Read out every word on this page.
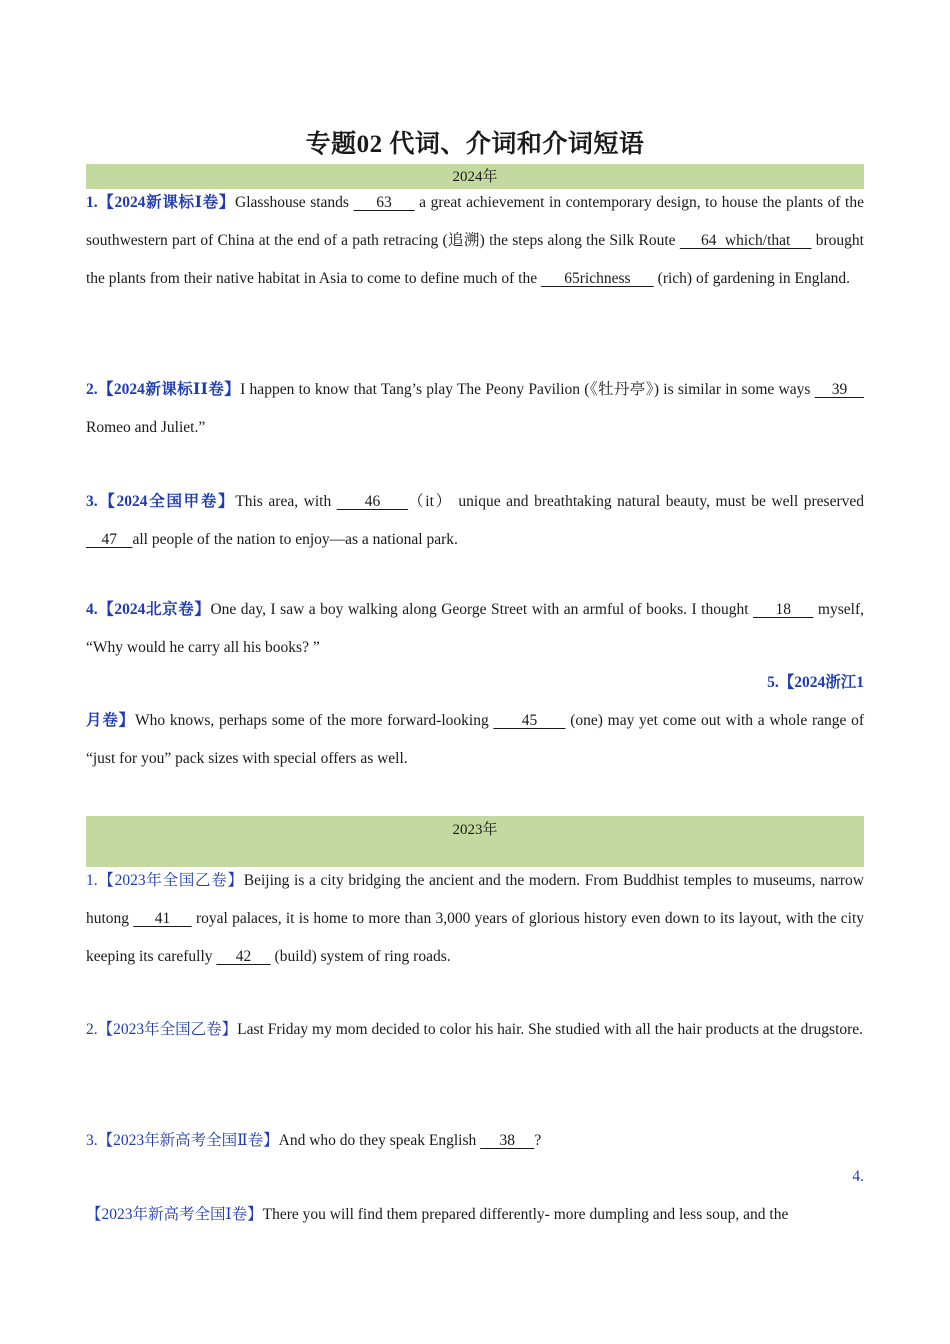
专题02 代词、介词和介词短语
2024年
1.【2024新课标Ⅰ卷】Glasshouse stands      63      a great achievement in contemporary design, to house the plants of the southwestern part of China at the end of a path retracing (追溯) the steps along the Silk Route      64  which/that      brought the plants from their native habitat in Asia to come to define much of the       65richness       (rich) of gardening in England.
2.【2024新课标ⅠⅠ卷】I happen to know that Tang’s play The Peony Pavilion (《牡丹亭》) is similar in some ways     39     Romeo and Juliet.”
3.【2024全国甲卷】This area, with      46     （it） unique and breathtaking natural beauty, must be well preserved     47    all people of the nation to enjoy—as a national park.
4.【2024北京卷】One day, I saw a boy walking along George Street with an armful of books. I thought      18      myself, “Why would he carry all his books? ”
5.【2024浙江1
月卷】Who knows, perhaps some of the more forward-looking       45       (one) may yet come out with a whole range of “just for you” pack sizes with special offers as well.
2023年
1.【2023年全国乙卷】Beijing is a city bridging the ancient and the modern. From Buddhist temples to museums, narrow hutong      41      royal palaces, it is home to more than 3,000 years of glorious history even down to its layout, with the city keeping its carefully      42      (build) system of ring roads.
2.【2023年全国乙卷】Last Friday my mom decided to color his hair. She studied with all the hair products at the drugstore.
3.【2023年新高考全国Ⅱ卷】And who do they speak English      38     ?
4.
【2023年新高考全国Ⅰ卷】There you will find them prepared differently- more dumpling and less soup, and the
